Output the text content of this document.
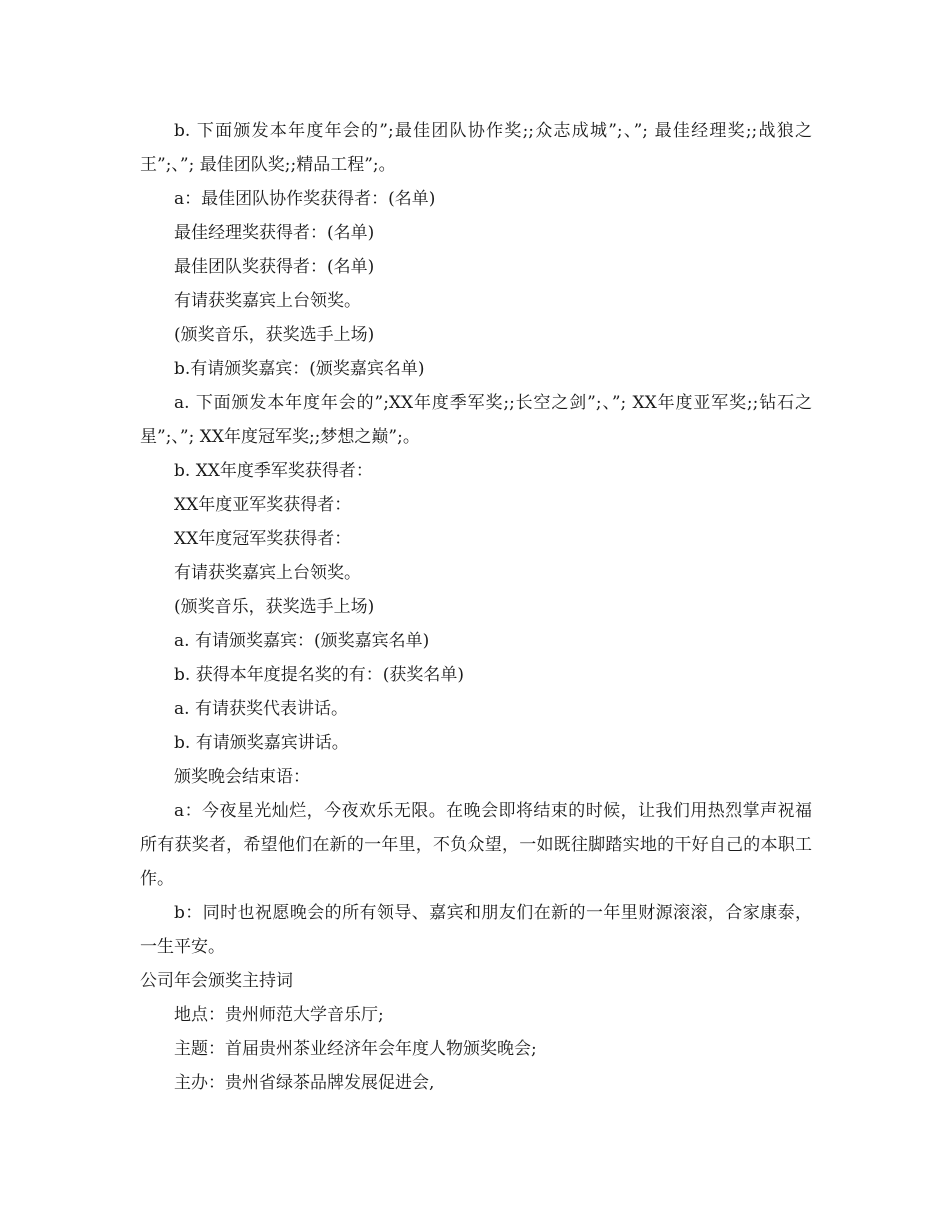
b. 下面颁发本年度年会的”;最佳团队协作奖;;众志成城”;、”; 最佳经理奖;;战狼之王”;、”; 最佳团队奖;;精品工程”;。

a：最佳团队协作奖获得者：(名单)

最佳经理奖获得者：(名单)

最佳团队奖获得者：(名单)

有请获奖嘉宾上台领奖。

(颁奖音乐，获奖选手上场)

b.有请颁奖嘉宾：(颁奖嘉宾名单)

a. 下面颁发本年度年会的”;XX年度季军奖;;长空之剑”;、”; XX年度亚军奖;;钻石之星”;、”; XX年度冠军奖;;梦想之巅”;。

b. XX年度季军奖获得者：

XX年度亚军奖获得者：

XX年度冠军奖获得者：

有请获奖嘉宾上台领奖。

(颁奖音乐，获奖选手上场)

a. 有请颁奖嘉宾：(颁奖嘉宾名单)

b. 获得本年度提名奖的有：(获奖名单)

a. 有请获奖代表讲话。

b. 有请颁奖嘉宾讲话。

颁奖晚会结束语：

a：今夜星光灿烂，今夜欢乐无限。在晚会即将结束的时候，让我们用热烈掌声祝福所有获奖者，希望他们在新的一年里，不负众望，一如既往脚踏实地的干好自己的本职工作。

b：同时也祝愿晚会的所有领导、嘉宾和朋友们在新的一年里财源滚滚，合家康泰，一生平安。

公司年会颁奖主持词

地点：贵州师范大学音乐厅;

主题：首届贵州茶业经济年会年度人物颁奖晚会;

主办：贵州省绿茶品牌发展促进会,
